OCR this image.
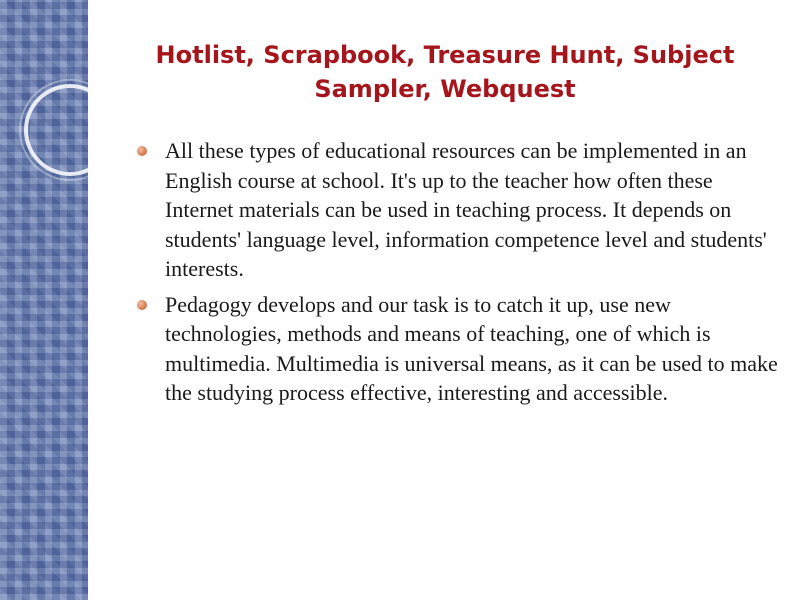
Hotlist, Scrapbook, Treasure Hunt, Subject Sampler, Webquest
All these types of educational resources can be implemented in an English course at school. It's up to the teacher how often these Internet materials can be used in teaching process. It depends on students' language level, information competence level and students' interests.
Pedagogy develops and our task is to catch it up, use new technologies, methods and means of teaching, one of which is multimedia. Multimedia is universal means, as it can be used to make the studying process effective, interesting and accessible.
